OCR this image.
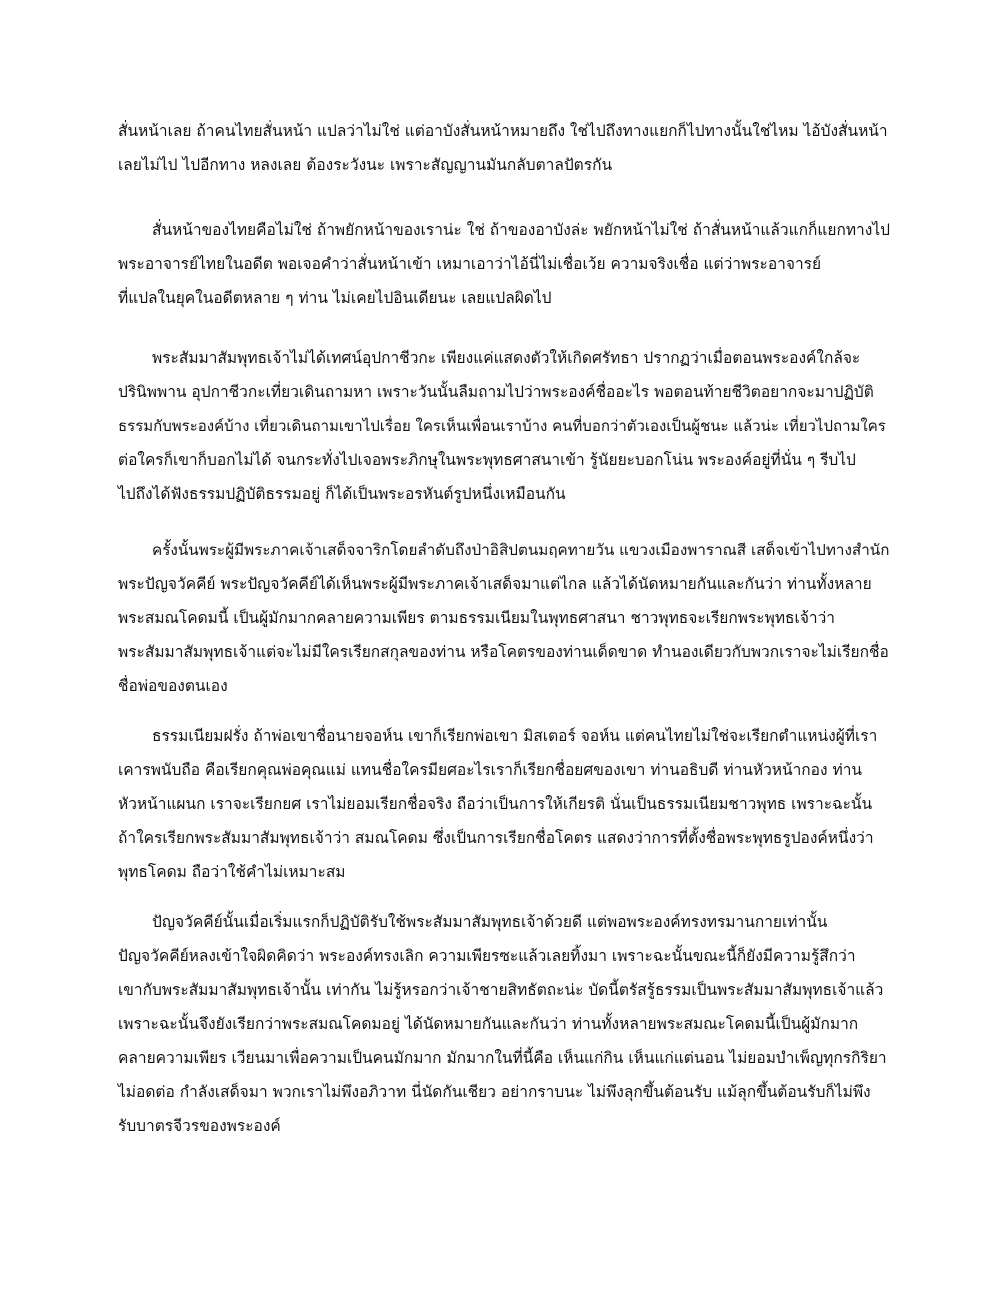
สั่นหน้าเลย ถ้าคนไทยสั่นหน้า แปลว่าไม่ใช่ แต่อาบังสั่นหน้าหมายถึง ใช่ไปถึงทางแยกก็ไปทางนั้นใช่ไหม ไอ้บังสั่นหน้า
เลยไม่ไป ไปอีกทาง หลงเลย ต้องระวังนะ เพราะสัญญานมันกลับตาลปัตรกัน
สั่นหน้าของไทยคือไม่ใช่ ถ้าพยักหน้าของเราน่ะ ใช่ ถ้าของอาบังล่ะ พยักหน้าไม่ใช่ ถ้าสั่นหน้าแล้วแกก็แยกทางไป
พระอาจารย์ไทยในอดีต พอเจอคำว่าสั่นหน้าเข้า เหมาเอาว่าไอ้นี่ไม่เชื่อเว้ย ความจริงเชื่อ แต่ว่าพระอาจารย์
ที่แปลในยุคในอดีตหลาย ๆ ท่าน ไม่เคยไปอินเดียนะ เลยแปลผิดไป
พระสัมมาสัมพุทธเจ้าไม่ได้เทศน์อุปกาชีวกะ เพียงแค่แสดงตัวให้เกิดศรัทธา ปรากฏว่าเมื่อตอนพระองค์ใกล้จะ
ปรินิพพาน อุปกาชีวกะเที่ยวเดินถามหา เพราะวันนั้นลืมถามไปว่าพระองค์ชื่ออะไร พอตอนท้ายชีวิตอยากจะมาปฏิบัติ
ธรรมกับพระองค์บ้าง เที่ยวเดินถามเขาไปเรื่อย ใครเห็นเพื่อนเราบ้าง คนที่บอกว่าตัวเองเป็นผู้ชนะ แล้วน่ะ เที่ยวไปถามใคร
ต่อใครก็เขาก็บอกไม่ได้ จนกระทั่งไปเจอพระภิกษุในพระพุทธศาสนาเข้า รู้นัยยะบอกโน่น พระองค์อยู่ที่นั่น ๆ รีบไป
ไปถึงได้ฟังธรรมปฏิบัติธรรมอยู่ ก็ได้เป็นพระอรหันต์รูปหนึ่งเหมือนกัน
ครั้งนั้นพระผู้มีพระภาคเจ้าเสด็จจาริกโดยลำดับถึงป่าอิสิปตนมฤคทายวัน แขวงเมืองพาราณสี เสด็จเข้าไปทางสำนัก
พระปัญจวัคคีย์ พระปัญจวัคคีย์ได้เห็นพระผู้มีพระภาคเจ้าเสด็จมาแต่ไกล แล้วได้นัดหมายกันและกันว่า ท่านทั้งหลาย
พระสมณโคดมนี้ เป็นผู้มักมากคลายความเพียร ตามธรรมเนียมในพุทธศาสนา ชาวพุทธจะเรียกพระพุทธเจ้าว่า
พระสัมมาสัมพุทธเจ้าแต่จะไม่มีใครเรียกสกุลของท่าน หรือโคตรของท่านเด็ดขาด ทำนองเดียวกับพวกเราจะไม่เรียกชื่อ
ชื่อพ่อของตนเอง
ธรรมเนียมฝรั่ง ถ้าพ่อเขาชื่อนายจอห์น เขาก็เรียกพ่อเขา มิสเตอร์ จอห์น แต่คนไทยไม่ใช่จะเรียกตำแหน่งผู้ที่เรา
เคารพนับถือ คือเรียกคุณพ่อคุณแม่ แทนชื่อใครมียศอะไรเราก็เรียกชื่อยศของเขา ท่านอธิบดี ท่านหัวหน้ากอง ท่าน
หัวหน้าแผนก เราจะเรียกยศ เราไม่ยอมเรียกชื่อจริง ถือว่าเป็นการให้เกียรติ นั่นเป็นธรรมเนียมชาวพุทธ เพราะฉะนั้น
ถ้าใครเรียกพระสัมมาสัมพุทธเจ้าว่า สมณโคดม ซึ่งเป็นการเรียกชื่อโคตร แสดงว่าการที่ตั้งชื่อพระพุทธรูปองค์หนึ่งว่า
พุทธโคดม ถือว่าใช้คำไม่เหมาะสม
ปัญจวัคคีย์นั้นเมื่อเริ่มแรกก็ปฏิบัติรับใช้พระสัมมาสัมพุทธเจ้าด้วยดี แต่พอพระองค์ทรงทรมานกายเท่านั้น
ปัญจวัคคีย์หลงเข้าใจผิดคิดว่า พระองค์ทรงเลิก ความเพียรซะแล้วเลยทิ้งมา เพราะฉะนั้นขณะนี้ก็ยังมีความรู้สึกว่า
เขากับพระสัมมาสัมพุทธเจ้านั้น เท่ากัน ไม่รู้หรอกว่าเจ้าชายสิทธัตถะน่ะ บัดนี้ตรัสรู้ธรรมเป็นพระสัมมาสัมพุทธเจ้าแล้ว
เพราะฉะนั้นจึงยังเรียกว่าพระสมณโคดมอยู่ ได้นัดหมายกันและกันว่า ท่านทั้งหลายพระสมณะโคดมนี้เป็นผู้มักมาก
คลายความเพียร เวียนมาเพื่อความเป็นคนมักมาก มักมากในที่นี้คือ เห็นแก่กิน เห็นแก่แต่นอน ไม่ยอมบำเพ็ญทุกรกิริยา
ไม่อดต่อ กำลังเสด็จมา พวกเราไม่พึงอภิวาท นี่นัดกันเชียว อย่ากราบนะ ไม่พึงลุกขึ้นต้อนรับ แม้ลุกขึ้นต้อนรับก็ไม่พึง
รับบาตรจีวรของพระองค์
